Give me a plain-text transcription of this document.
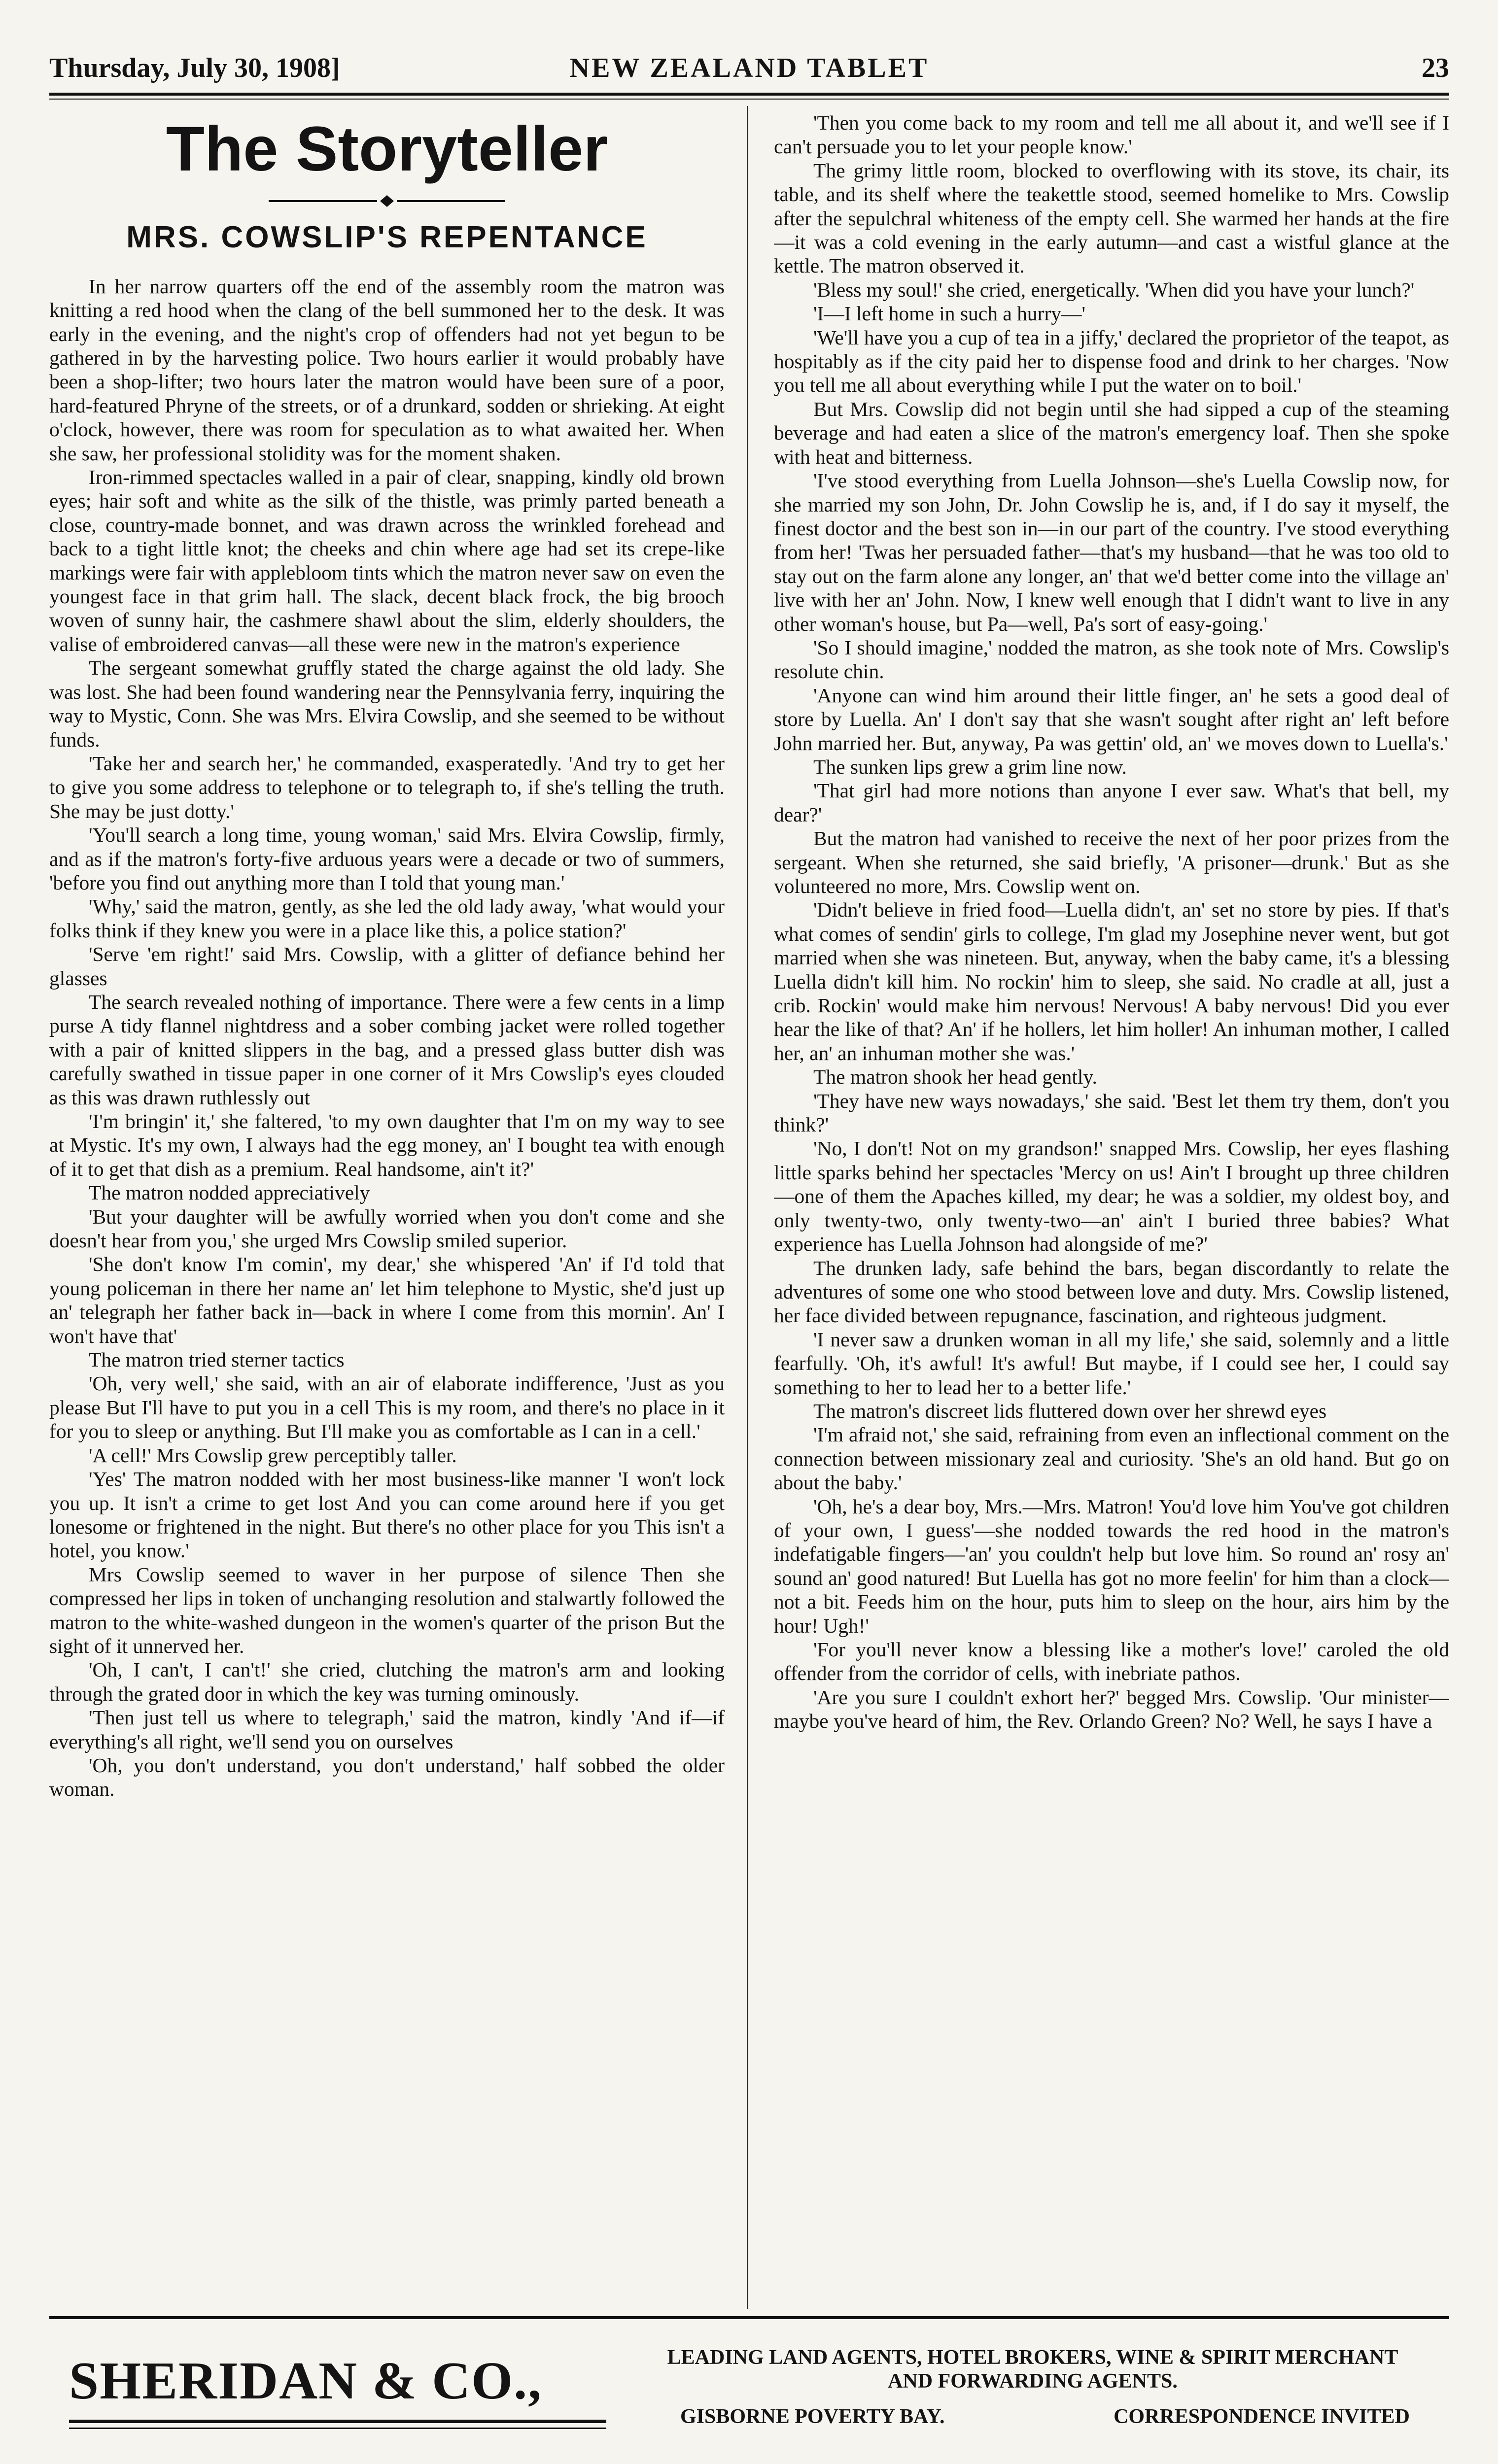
Thursday, July 30, 1908]	NEW ZEALAND TABLET	23
The Storyteller
MRS. COWSLIP'S REPENTANCE

In her narrow quarters off the end of the assembly room the matron was knitting a red hood when the clang of the bell summoned her to the desk. It was early in the evening, and the night's crop of offenders had not yet begun to be gathered in by the harvesting police. Two hours earlier it would probably have been a shop-lifter; two hours later the matron would have been sure of a poor, hard-featured Phryne of the streets, or of a drunkard, sodden or shrieking. At eight o'clock, however, there was room for speculation as to what awaited her. When she saw, her professional stolidity was for the moment shaken.

Iron-rimmed spectacles walled in a pair of clear, snapping, kindly old brown eyes; hair soft and white as the silk of the thistle, was primly parted beneath a close, country-made bonnet, and was drawn across the wrinkled forehead and back to a tight little knot; the cheeks and chin where age had set its crepe-like markings were fair with applebloom tints which the matron never saw on even the youngest face in that grim hall. The slack, decent black frock, the big brooch woven of sunny hair, the cashmere shawl about the slim, elderly shoulders, the valise of embroidered canvas—all these were new in the matron's experience

The sergeant somewhat gruffly stated the charge against the old lady. She was lost. She had been found wandering near the Pennsylvania ferry, inquiring the way to Mystic, Conn. She was Mrs. Elvira Cowslip, and she seemed to be without funds.

'Take her and search her,' he commanded, exasperatedly. 'And try to get her to give you some address to telephone or to telegraph to, if she's telling the truth. She may be just dotty.'

'You'll search a long time, young woman,' said Mrs. Elvira Cowslip, firmly, and as if the matron's forty-five arduous years were a decade or two of summers, 'before you find out anything more than I told that young man.'

'Why,' said the matron, gently, as she led the old lady away, 'what would your folks think if they knew you were in a place like this, a police station?'

'Serve 'em right!' said Mrs. Cowslip, with a glitter of defiance behind her glasses

The search revealed nothing of importance. There were a few cents in a limp purse A tidy flannel nightdress and a sober combing jacket were rolled together with a pair of knitted slippers in the bag, and a pressed glass butter dish was carefully swathed in tissue paper in one corner of it Mrs Cowslip's eyes clouded as this was drawn ruthlessly out

'I'm bringin' it,' she faltered, 'to my own daughter that I'm on my way to see at Mystic. It's my own, I always had the egg money, an' I bought tea with enough of it to get that dish as a premium. Real handsome, ain't it?'

The matron nodded appreciatively

'But your daughter will be awfully worried when you don't come and she doesn't hear from you,' she urged Mrs Cowslip smiled superior.

'She don't know I'm comin', my dear,' she whispered 'An' if I'd told that young policeman in there her name an' let him telephone to Mystic, she'd just up an' telegraph her father back in—back in where I come from this mornin'. An' I won't have that'

The matron tried sterner tactics

'Oh, very well,' she said, with an air of elaborate indifference, 'Just as you please But I'll have to put you in a cell This is my room, and there's no place in it for you to sleep or anything. But I'll make you as comfortable as I can in a cell.'

'A cell!' Mrs Cowslip grew perceptibly taller.

'Yes' The matron nodded with her most business-like manner 'I won't lock you up. It isn't a crime to get lost And you can come around here if you get lonesome or frightened in the night. But there's no other place for you This isn't a hotel, you know.'

Mrs Cowslip seemed to waver in her purpose of silence Then she compressed her lips in token of unchanging resolution and stalwartly followed the matron to the white-washed dungeon in the women's quarter of the prison But the sight of it unnerved her.

'Oh, I can't, I can't!' she cried, clutching the matron's arm and looking through the grated door in which the key was turning ominously.

'Then just tell us where to telegraph,' said the matron, kindly 'And if—if everything's all right, we'll send you on ourselves

'Oh, you don't understand, you don't understand,' half sobbed the older woman.

'Then you come back to my room and tell me all about it, and we'll see if I can't persuade you to let your people know.'

The grimy little room, blocked to overflowing with its stove, its chair, its table, and its shelf where the teakettle stood, seemed homelike to Mrs. Cowslip after the sepulchral whiteness of the empty cell. She warmed her hands at the fire—it was a cold evening in the early autumn—and cast a wistful glance at the kettle. The matron observed it.

'Bless my soul!' she cried, energetically. 'When did you have your lunch?'

'I—I left home in such a hurry—'

'We'll have you a cup of tea in a jiffy,' declared the proprietor of the teapot, as hospitably as if the city paid her to dispense food and drink to her charges. 'Now you tell me all about everything while I put the water on to boil.'

But Mrs. Cowslip did not begin until she had sipped a cup of the steaming beverage and had eaten a slice of the matron's emergency loaf. Then she spoke with heat and bitterness.

'I've stood everything from Luella Johnson—she's Luella Cowslip now, for she married my son John, Dr. John Cowslip he is, and, if I do say it myself, the finest doctor and the best son in—in our part of the country. I've stood everything from her! 'Twas her persuaded father—that's my husband—that he was too old to stay out on the farm alone any longer, an' that we'd better come into the village an' live with her an' John. Now, I knew well enough that I didn't want to live in any other woman's house, but Pa—well, Pa's sort of easy-going.'

'So I should imagine,' nodded the matron, as she took note of Mrs. Cowslip's resolute chin.

'Anyone can wind him around their little finger, an' he sets a good deal of store by Luella. An' I don't say that she wasn't sought after right an' left before John married her. But, anyway, Pa was gettin' old, an' we moves down to Luella's.'

The sunken lips grew a grim line now.

'That girl had more notions than anyone I ever saw. What's that bell, my dear?'

But the matron had vanished to receive the next of her poor prizes from the sergeant. When she returned, she said briefly, 'A prisoner—drunk.' But as she volunteered no more, Mrs. Cowslip went on.

'Didn't believe in fried food—Luella didn't, an' set no store by pies. If that's what comes of sendin' girls to college, I'm glad my Josephine never went, but got married when she was nineteen. But, anyway, when the baby came, it's a blessing Luella didn't kill him. No rockin' him to sleep, she said. No cradle at all, just a crib. Rockin' would make him nervous! Nervous! A baby nervous! Did you ever hear the like of that? An' if he hollers, let him holler! An inhuman mother, I called her, an' an inhuman mother she was.'

The matron shook her head gently.

'They have new ways nowadays,' she said. 'Best let them try them, don't you think?'

'No, I don't! Not on my grandson!' snapped Mrs. Cowslip, her eyes flashing little sparks behind her spectacles 'Mercy on us! Ain't I brought up three children—one of them the Apaches killed, my dear; he was a soldier, my oldest boy, and only twenty-two, only twenty-two—an' ain't I buried three babies? What experience has Luella Johnson had alongside of me?'

The drunken lady, safe behind the bars, began discordantly to relate the adventures of some one who stood between love and duty. Mrs. Cowslip listened, her face divided between repugnance, fascination, and righteous judgment.

'I never saw a drunken woman in all my life,' she said, solemnly and a little fearfully. 'Oh, it's awful! It's awful! But maybe, if I could see her, I could say something to her to lead her to a better life.'

The matron's discreet lids fluttered down over her shrewd eyes

'I'm afraid not,' she said, refraining from even an inflectional comment on the connection between missionary zeal and curiosity. 'She's an old hand. But go on about the baby.'

'Oh, he's a dear boy, Mrs.—Mrs. Matron! You'd love him You've got children of your own, I guess'—she nodded towards the red hood in the matron's indefatigable fingers—'an' you couldn't help but love him. So round an' rosy an' sound an' good natured! But Luella has got no more feelin' for him than a clock—not a bit. Feeds him on the hour, puts him to sleep on the hour, airs him by the hour! Ugh!'

'For you'll never know a blessing like a mother's love!' caroled the old offender from the corridor of cells, with inebriate pathos.

'Are you sure I couldn't exhort her?' begged Mrs. Cowslip. 'Our minister—maybe you've heard of him, the Rev. Orlando Green? No? Well, he says I have a

SHERIDAN & CO.,	LEADING LAND AGENTS, HOTEL BROKERS, WINE & SPIRIT MERCHANT
AND FORWARDING AGENTS.
GISBORNE POVERTY BAY.	CORRESPONDENCE INVITED
